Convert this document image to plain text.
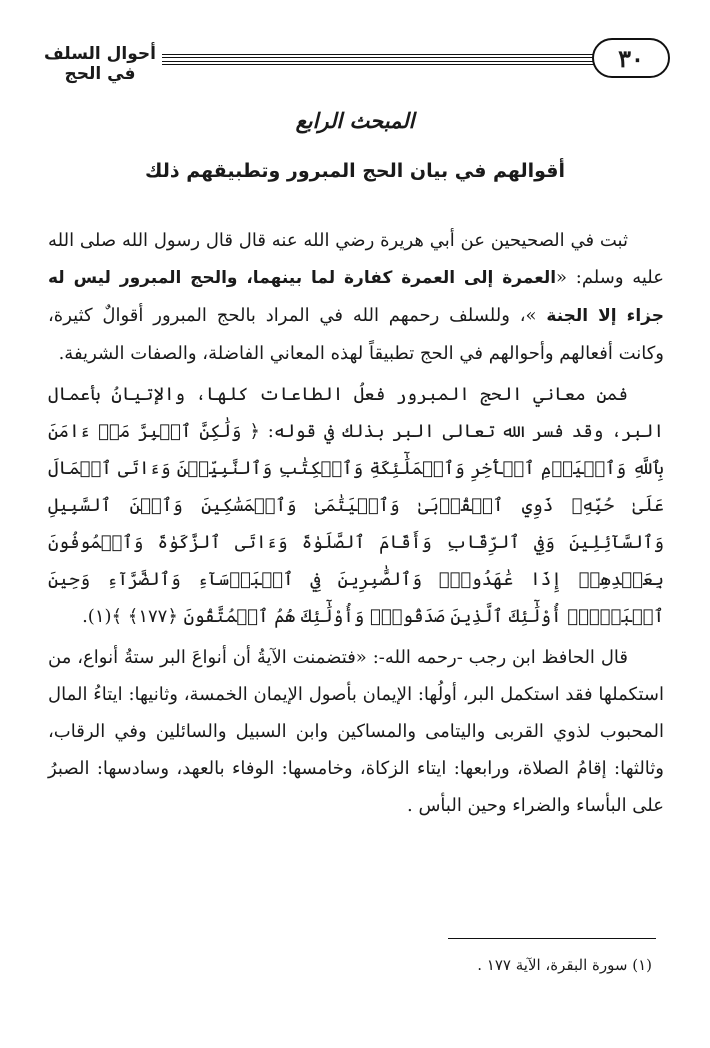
٣٠
أحوال السلف في الحج
المبحث الرابع
أقوالهم في بيان الحج المبرور وتطبيقهم ذلك

ثبت في الصحيحين عن أبي هريرة رضي الله عنه قال قال رسول الله صلى الله عليه وسلم: «العمرة إلى العمرة كفارة لما بينهما، والحج المبرور ليس له جزاء إلا الجنة »، وللسلف رحمهم الله في المراد بالحج المبرور أقوالٌ كثيرة، وكانت أفعالهم وأحوالهم في الحج تطبيقاً لهذه المعاني الفاضلة، والصفات الشريفة.

فمن معاني الحج المبرور فعلُ الطاعات كلها، والإتيانُ بأعمال البر، وقد فسر الله تعالى البر بذلك في قوله: ﴿ وَلَٰكِنَّ ٱلۡبِرَّ مَنۡ ءَامَنَ بِٱللَّهِ وَٱلۡيَوۡمِ ٱلۡأٓخِرِ وَٱلۡمَلَٰٓئِكَةِ وَٱلۡكِتَٰبِ وَٱلنَّبِيِّـۧنَ وَءَاتَى ٱلۡمَالَ عَلَىٰ حُبِّهِۦ ذَوِي ٱلۡقُرۡبَىٰ وَٱلۡيَتَٰمَىٰ وَٱلۡمَسَٰكِينَ وَٱبۡنَ ٱلسَّبِيلِ وَٱلسَّآئِلِينَ وَفِي ٱلرِّقَابِ وَأَقَامَ ٱلصَّلَوٰةَ وَءَاتَى ٱلزَّكَوٰةَ وَٱلۡمُوفُونَ بِعَهۡدِهِمۡ إِذَا عَٰهَدُواْۖ وَٱلصَّٰبِرِينَ فِي ٱلۡبَأۡسَآءِ وَٱلضَّرَّآءِ وَحِينَ ٱلۡبَأۡسِۗ أُوْلَٰٓئِكَ ٱلَّذِينَ صَدَقُواْۖ وَأُوْلَٰٓئِكَ هُمُ ٱلۡمُتَّقُونَ ﴿١٧٧﴾ ﴾(١).

قال الحافظ ابن رجب -رحمه الله-: «فتضمنت الآيةُ أن أنواعَ البر ستةُ أنواع، من استكملها فقد استكمل البر، أولُها: الإيمان بأصول الإيمان الخمسة، وثانيها: ايتاءُ المال المحبوب لذوي القربى واليتامى والمساكين وابن السبيل والسائلين وفي الرقاب، وثالثها: إقامُ الصلاة، ورابعها: ايتاء الزكاة، وخامسها: الوفاء بالعهد، وسادسها: الصبرُ على البأساء والضراء وحين البأس .

(١) سورة البقرة، الآية ١٧٧ .
